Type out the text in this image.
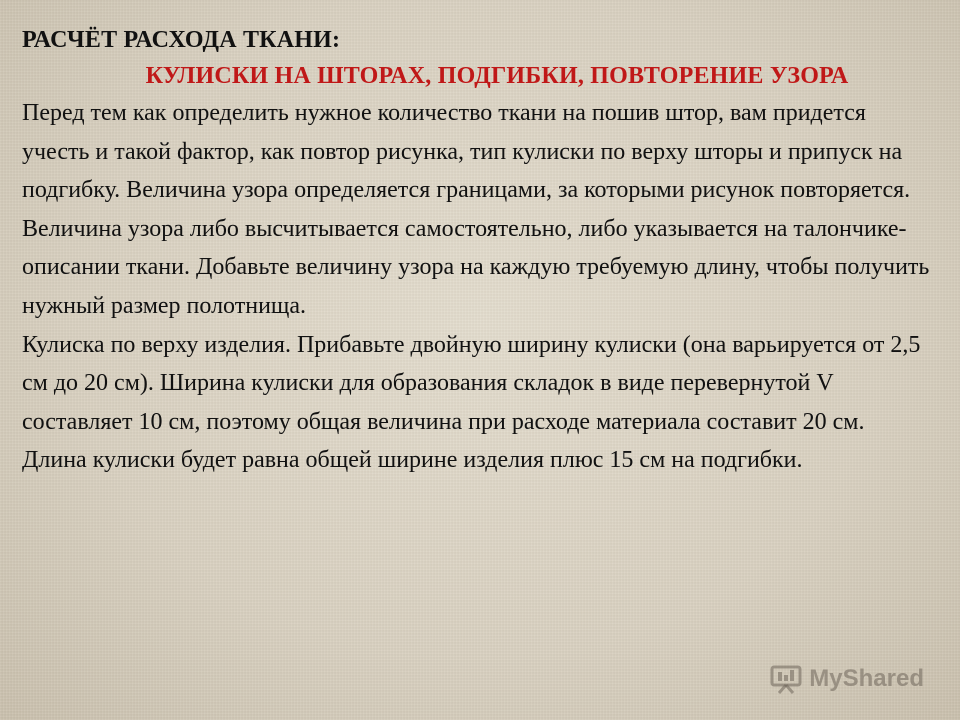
РАСЧЁТ РАСХОДА ТКАНИ:

КУЛИСКИ НА ШТОРАХ, ПОДГИБКИ, ПОВТОРЕНИЕ УЗОРА

Перед тем как определить нужное количество ткани на пошив штор, вам придется учесть и такой фактор, как повтор рисунка, тип кулиски по верху шторы и припуск на подгибку. Величина узора определяется границами, за которыми рисунок повторяется. Величина узора либо высчитывается самостоятельно, либо указывается на талончике-описании ткани. Добавьте величину узора на каждую требуемую длину, чтобы получить нужный размер полотнища.

Кулиска по верху изделия. Прибавьте двойную ширину кулиски (она варьируется от 2,5 см до 20 см). Ширина кулиски для образования складок в виде перевернутой V составляет 10 см, поэтому общая величина при расходе материала составит 20 см. Длина кулиски будет равна общей ширине изделия плюс 15 см на подгибки.

MyShared
